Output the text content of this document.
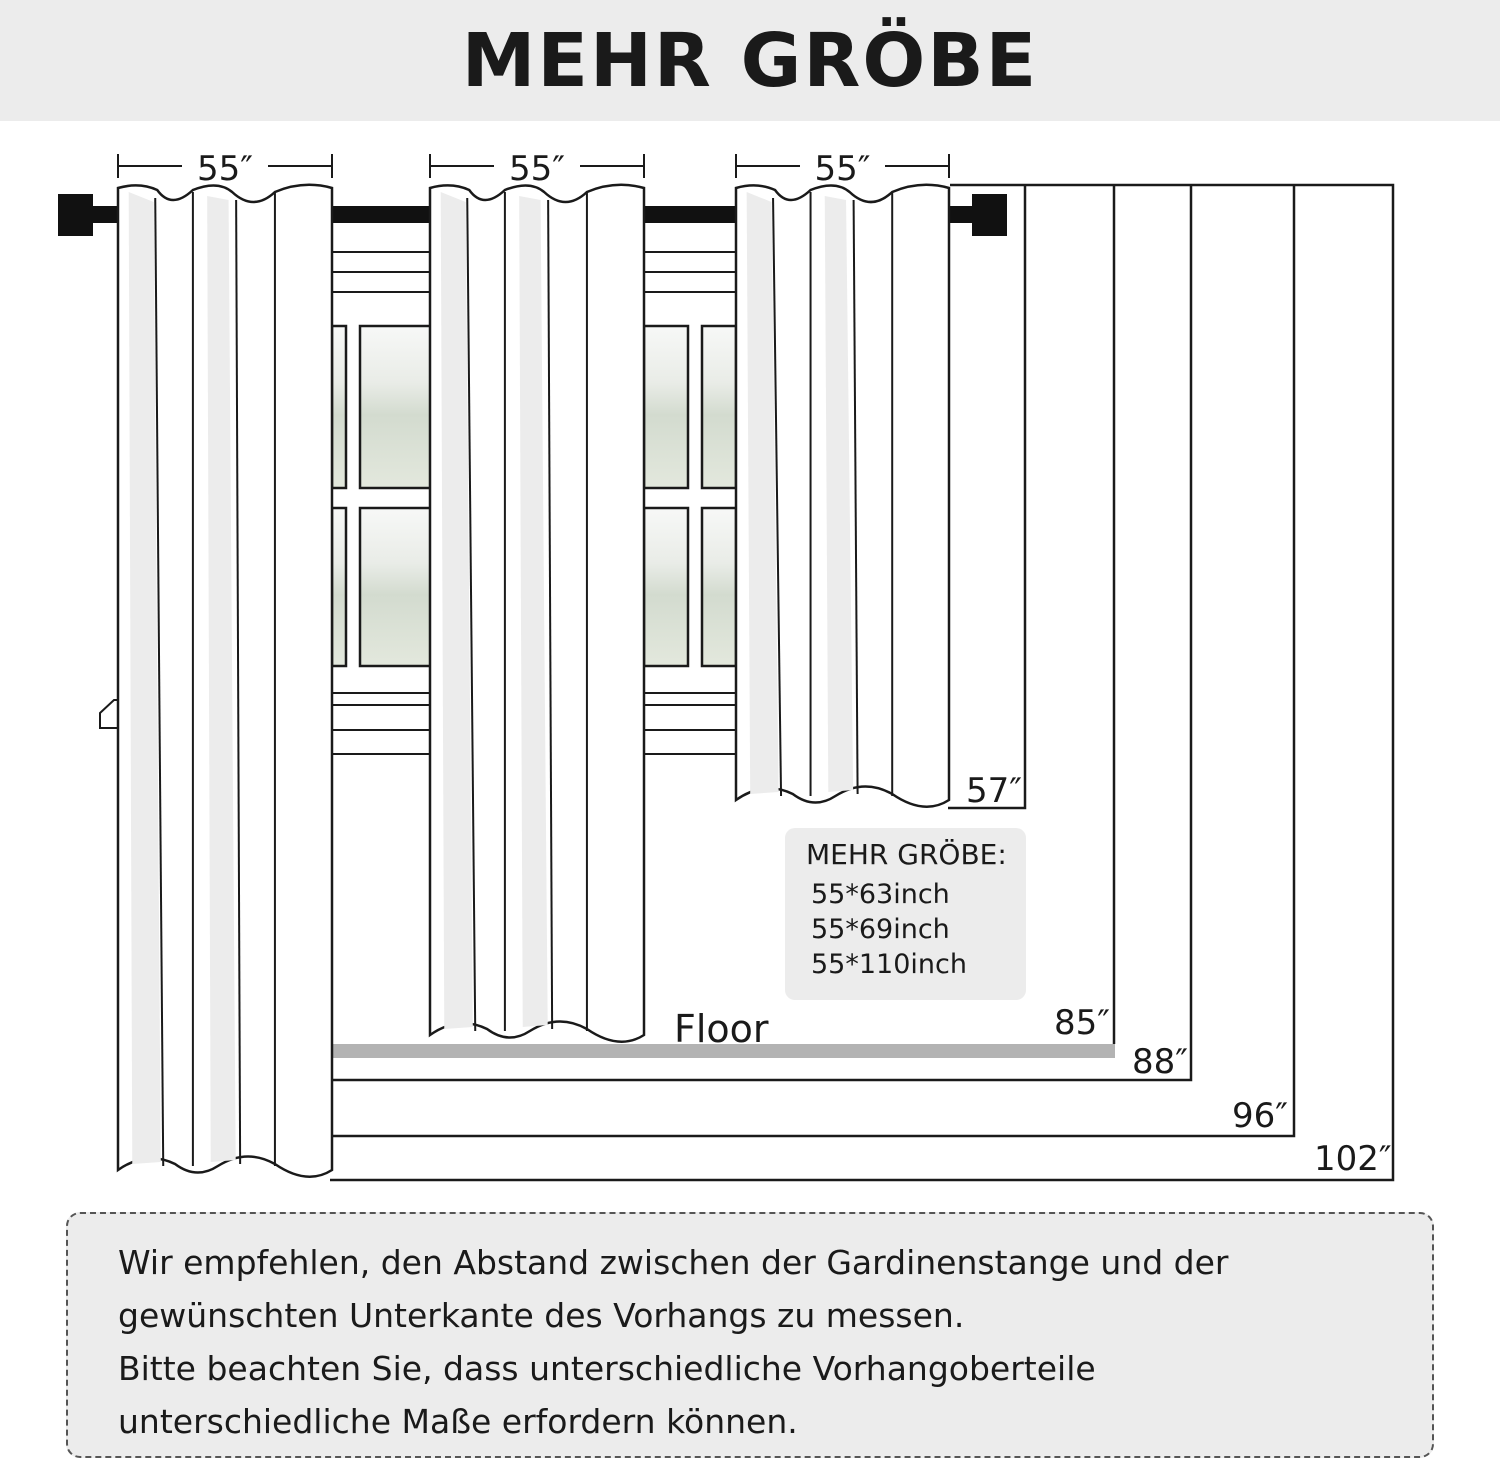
MEHR GRÖBE
Floor
55″	55″	55″
57″
85″
88″
96″
102″
MEHR GRÖBE:
55*63inch
55*69inch
55*110inch

Wir empfehlen, den Abstand zwischen der Gardinenstange und der gewünschten Unterkante des Vorhangs zu messen.

Bitte beachten Sie, dass unterschiedliche Vorhangoberteile unterschiedliche Maße erfordern können.
